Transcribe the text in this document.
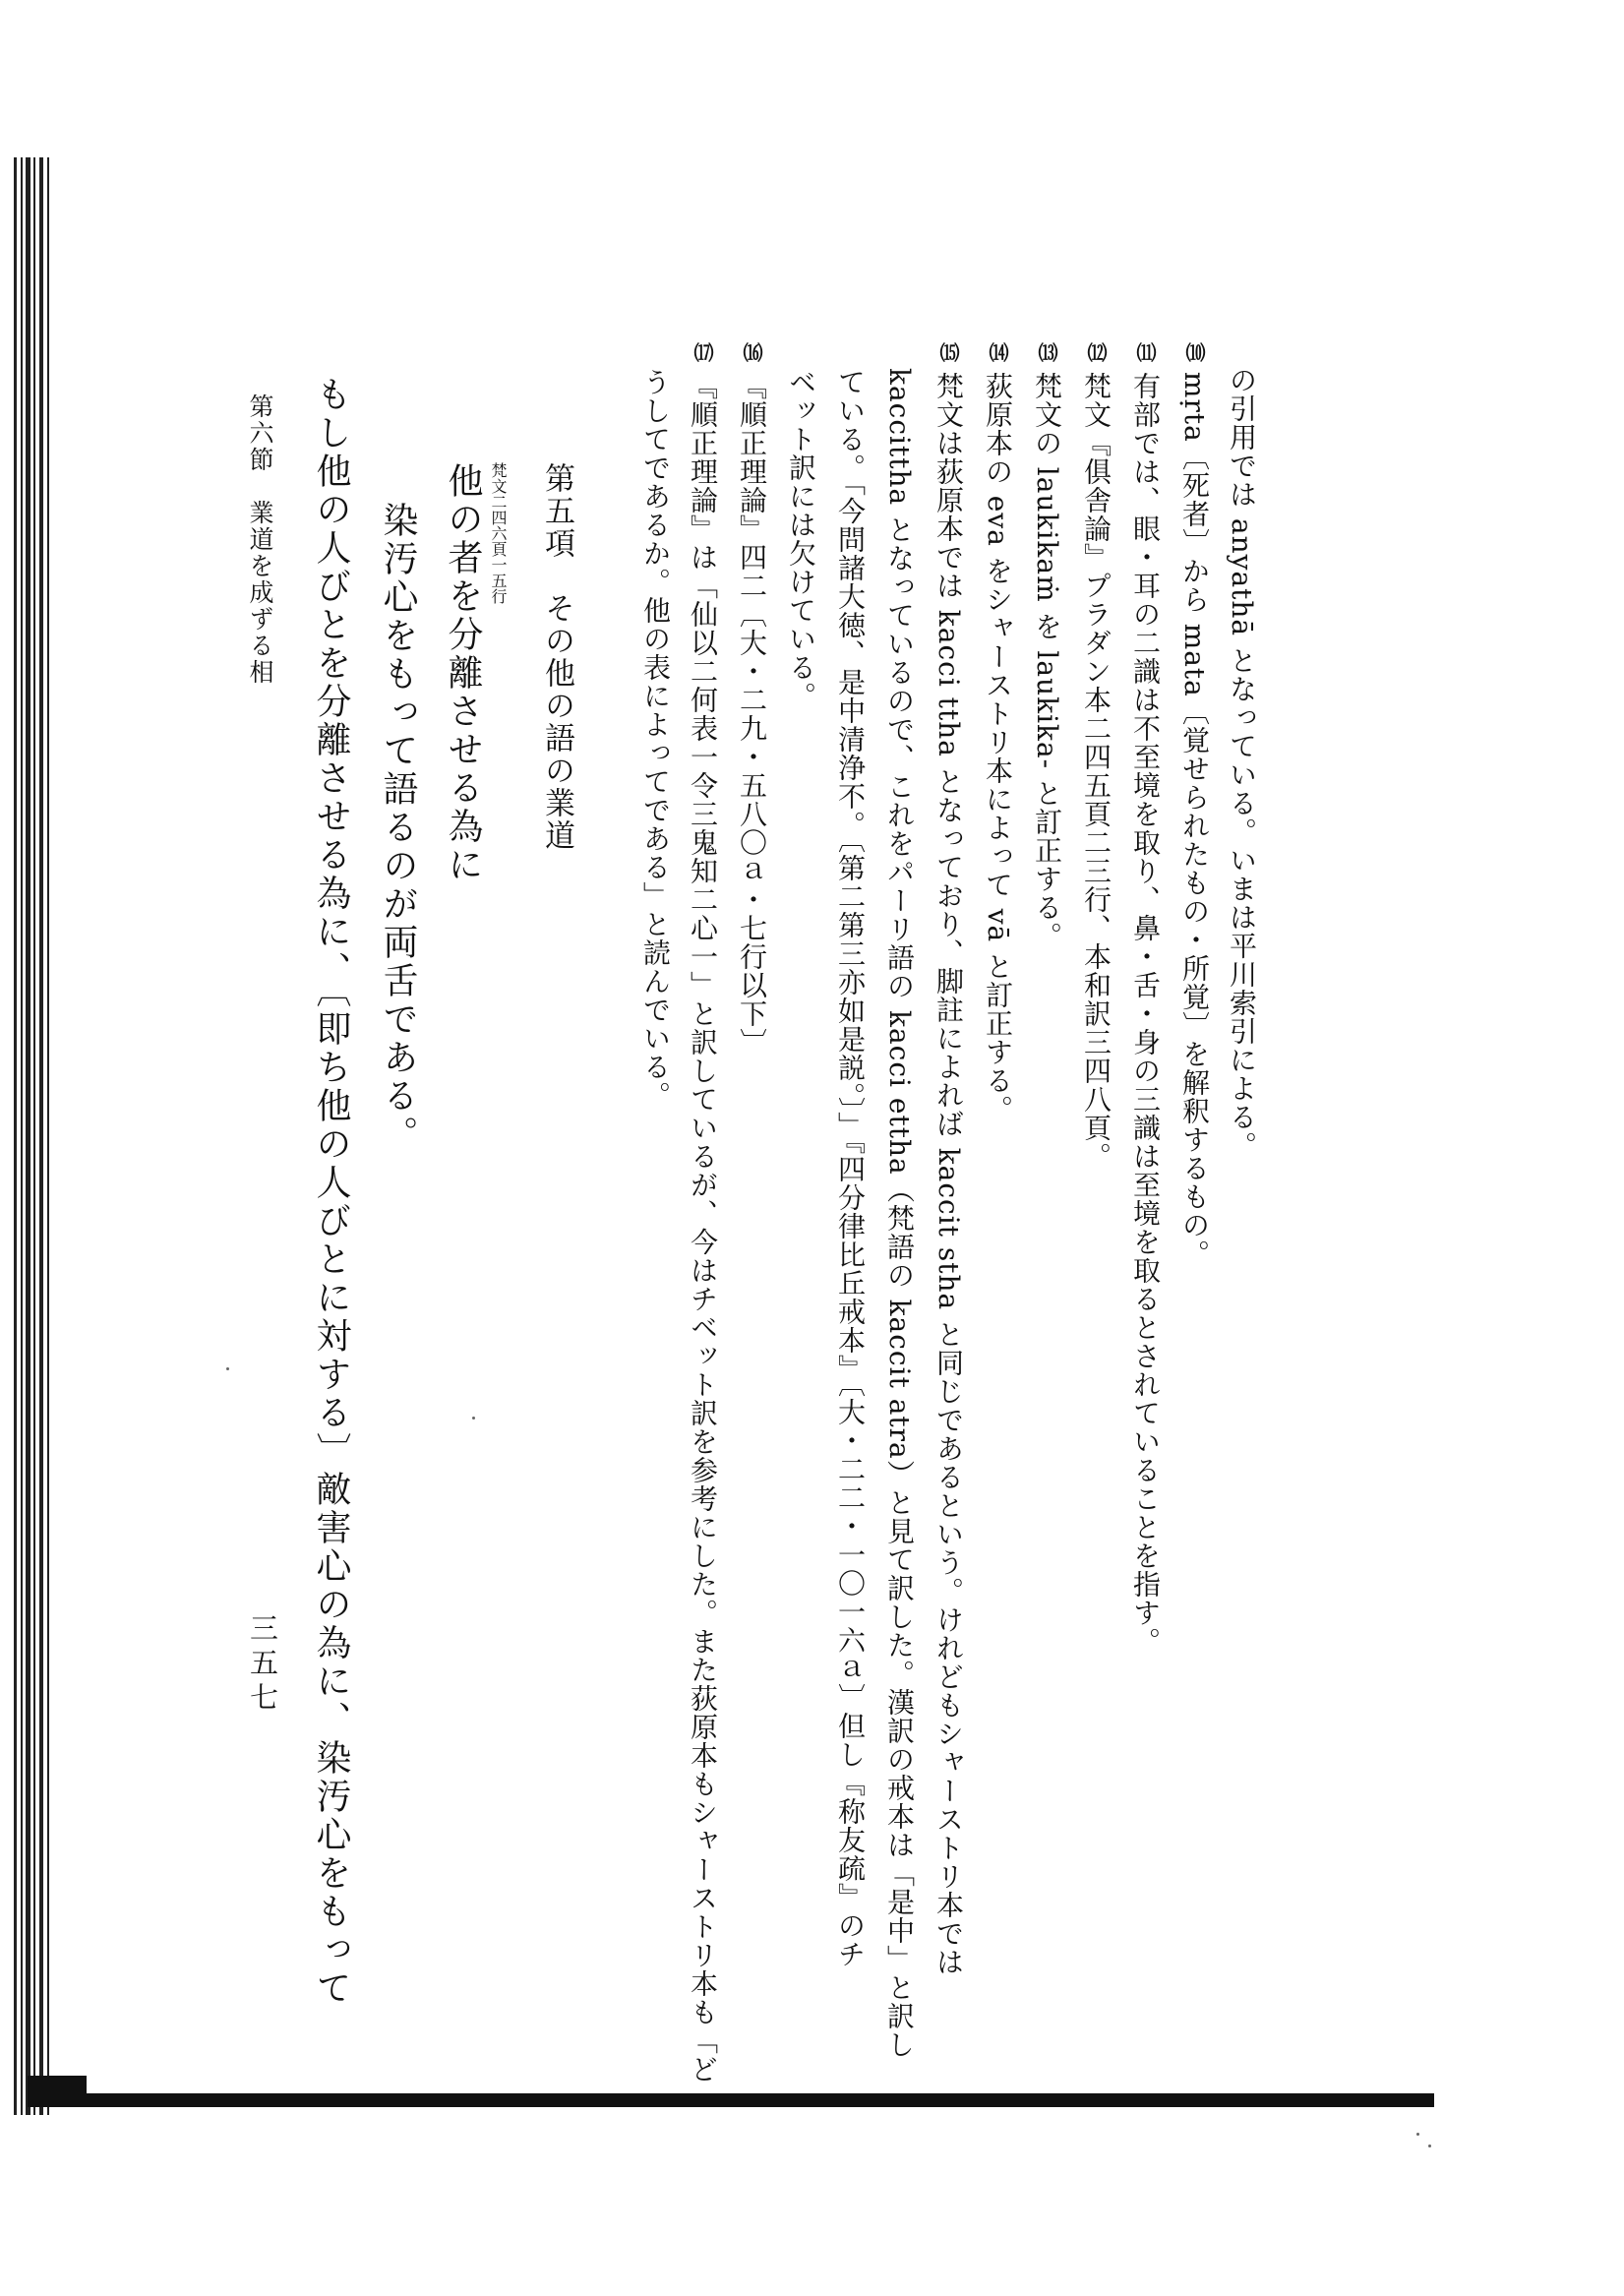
の引用では anyathā となっている。いまは平川索引による。
⑽ mṛta〔死者〕から mata〔覚せられたもの・所覚〕を解釈するもの。
⑾ 有部では、眼・耳の二識は不至境を取り、鼻・舌・身の三識は至境を取るとされていることを指す。
⑿ 梵文『俱舎論』プラダン本二四五頁二三行、本和訳三四八頁。
⒀ 梵文の laukikaṁ を laukika- と訂正する。
⒁ 荻原本の eva をシャーストリ本によって vā と訂正する。
⒂ 梵文は荻原本では kacci ttha となっており、脚註によれば kaccit stha と同じであるという。けれどもシャーストリ本では
kaccittha となっているので、これをパーリ語の kacci ettha（梵語の kaccit atra）と見て訳した。漢訳の戒本は「是中」と訳し
ている。「今問諸大徳、是中清浄不。〔第二第三亦如是説。〕」『四分律比丘戒本』〔大・二二・一〇一六ａ〕但し『称友疏』のチ
ベット訳には欠けている。
⒃ 『順正理論』四二〔大・二九・五八〇ａ・七行以下〕
⒄ 『順正理論』は「仙以二何表一令三鬼知二心一」と訳しているが、今はチベット訳を参考にした。また荻原本もシャーストリ本も「ど
うしてであるか。他の表によってである」と読んでいる。
第五項　その他の語の業道
梵文二四六頁一五行
他の者を分離させる為に
染汚心をもって語るのが両舌である。
もし他の人びとを分離させる為に、〔即ち他の人びとに対する〕敵害心の為に、染汚心をもって
第六節　業道を成ずる相
三五七
